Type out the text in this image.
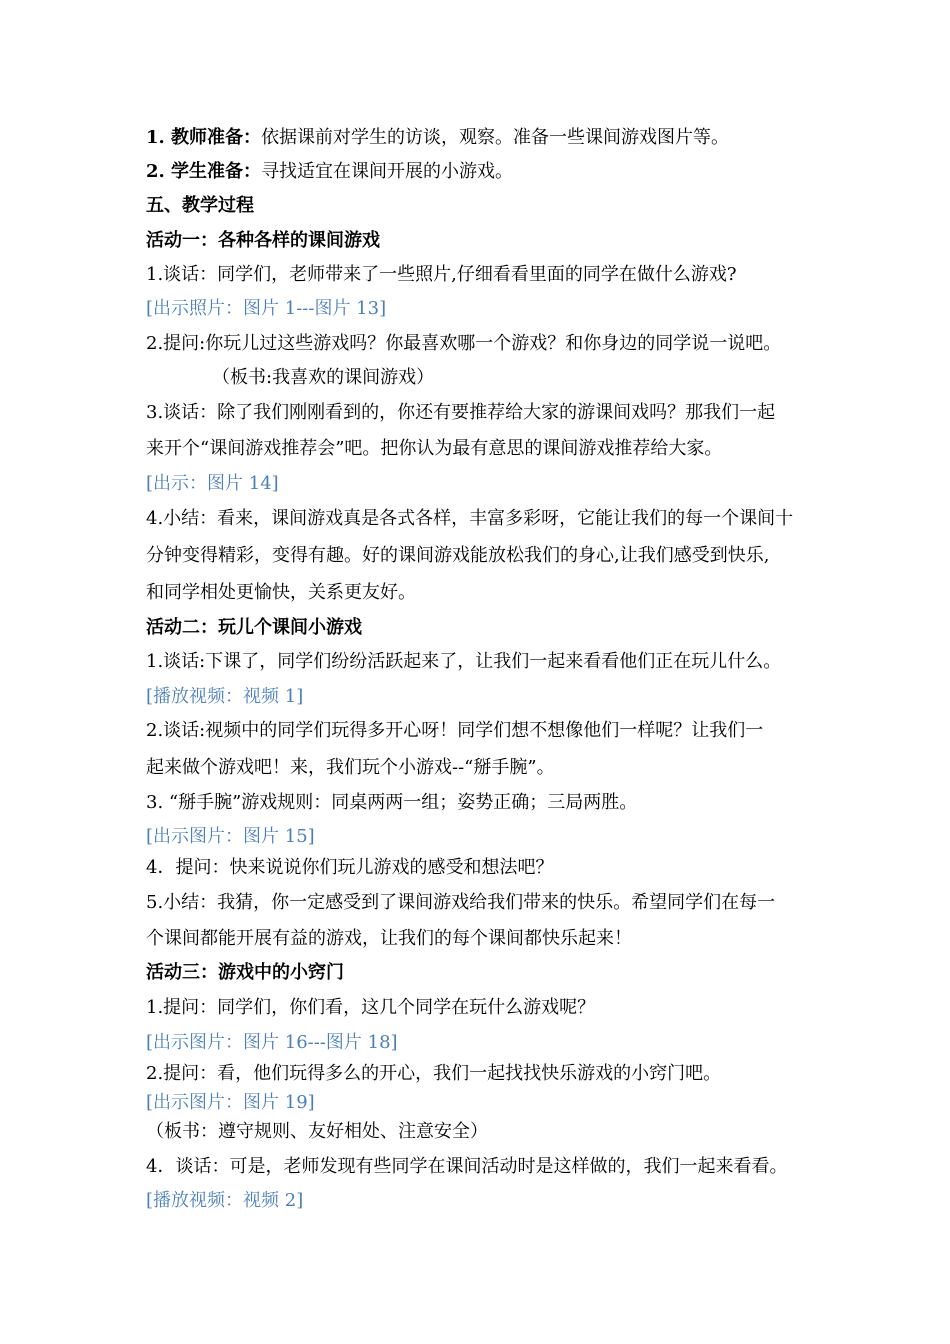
1. 教师准备：依据课前对学生的访谈，观察。准备一些课间游戏图片等。
2. 学生准备：寻找适宜在课间开展的小游戏。
五、教学过程
活动一：各种各样的课间游戏
1.谈话：同学们，老师带来了一些照片,仔细看看里面的同学在做什么游戏?
[出示照片：图片 1---图片 13]
2.提问:你玩儿过这些游戏吗？你最喜欢哪一个游戏？和你身边的同学说一说吧。
（板书:我喜欢的课间游戏）
3.谈话：除了我们刚刚看到的，你还有要推荐给大家的游课间戏吗？那我们一起
来开个“课间游戏推荐会”吧。把你认为最有意思的课间游戏推荐给大家。
[出示：图片 14]
4.小结：看来，课间游戏真是各式各样，丰富多彩呀，它能让我们的每一个课间十
分钟变得精彩，变得有趣。好的课间游戏能放松我们的身心,让我们感受到快乐,
和同学相处更愉快，关系更友好。
活动二：玩儿个课间小游戏
1.谈话:下课了，同学们纷纷活跃起来了，让我们一起来看看他们正在玩儿什么。
[播放视频：视频 1]
2.谈话:视频中的同学们玩得多开心呀！同学们想不想像他们一样呢？让我们一
起来做个游戏吧！来，我们玩个小游戏--“掰手腕”。
3. “掰手腕”游戏规则：同桌两两一组；姿势正确；三局两胜。
[出示图片：图片 15]
4．提问：快来说说你们玩儿游戏的感受和想法吧？
5.小结：我猜，你一定感受到了课间游戏给我们带来的快乐。希望同学们在每一
个课间都能开展有益的游戏，让我们的每个课间都快乐起来！
活动三：游戏中的小窍门
1.提问：同学们，你们看，这几个同学在玩什么游戏呢？
[出示图片：图片 16---图片 18]
2.提问：看，他们玩得多么的开心，我们一起找找快乐游戏的小窍门吧。
[出示图片：图片 19]
（板书：遵守规则、友好相处、注意安全）
4．谈话：可是，老师发现有些同学在课间活动时是这样做的，我们一起来看看。
[播放视频：视频 2]
